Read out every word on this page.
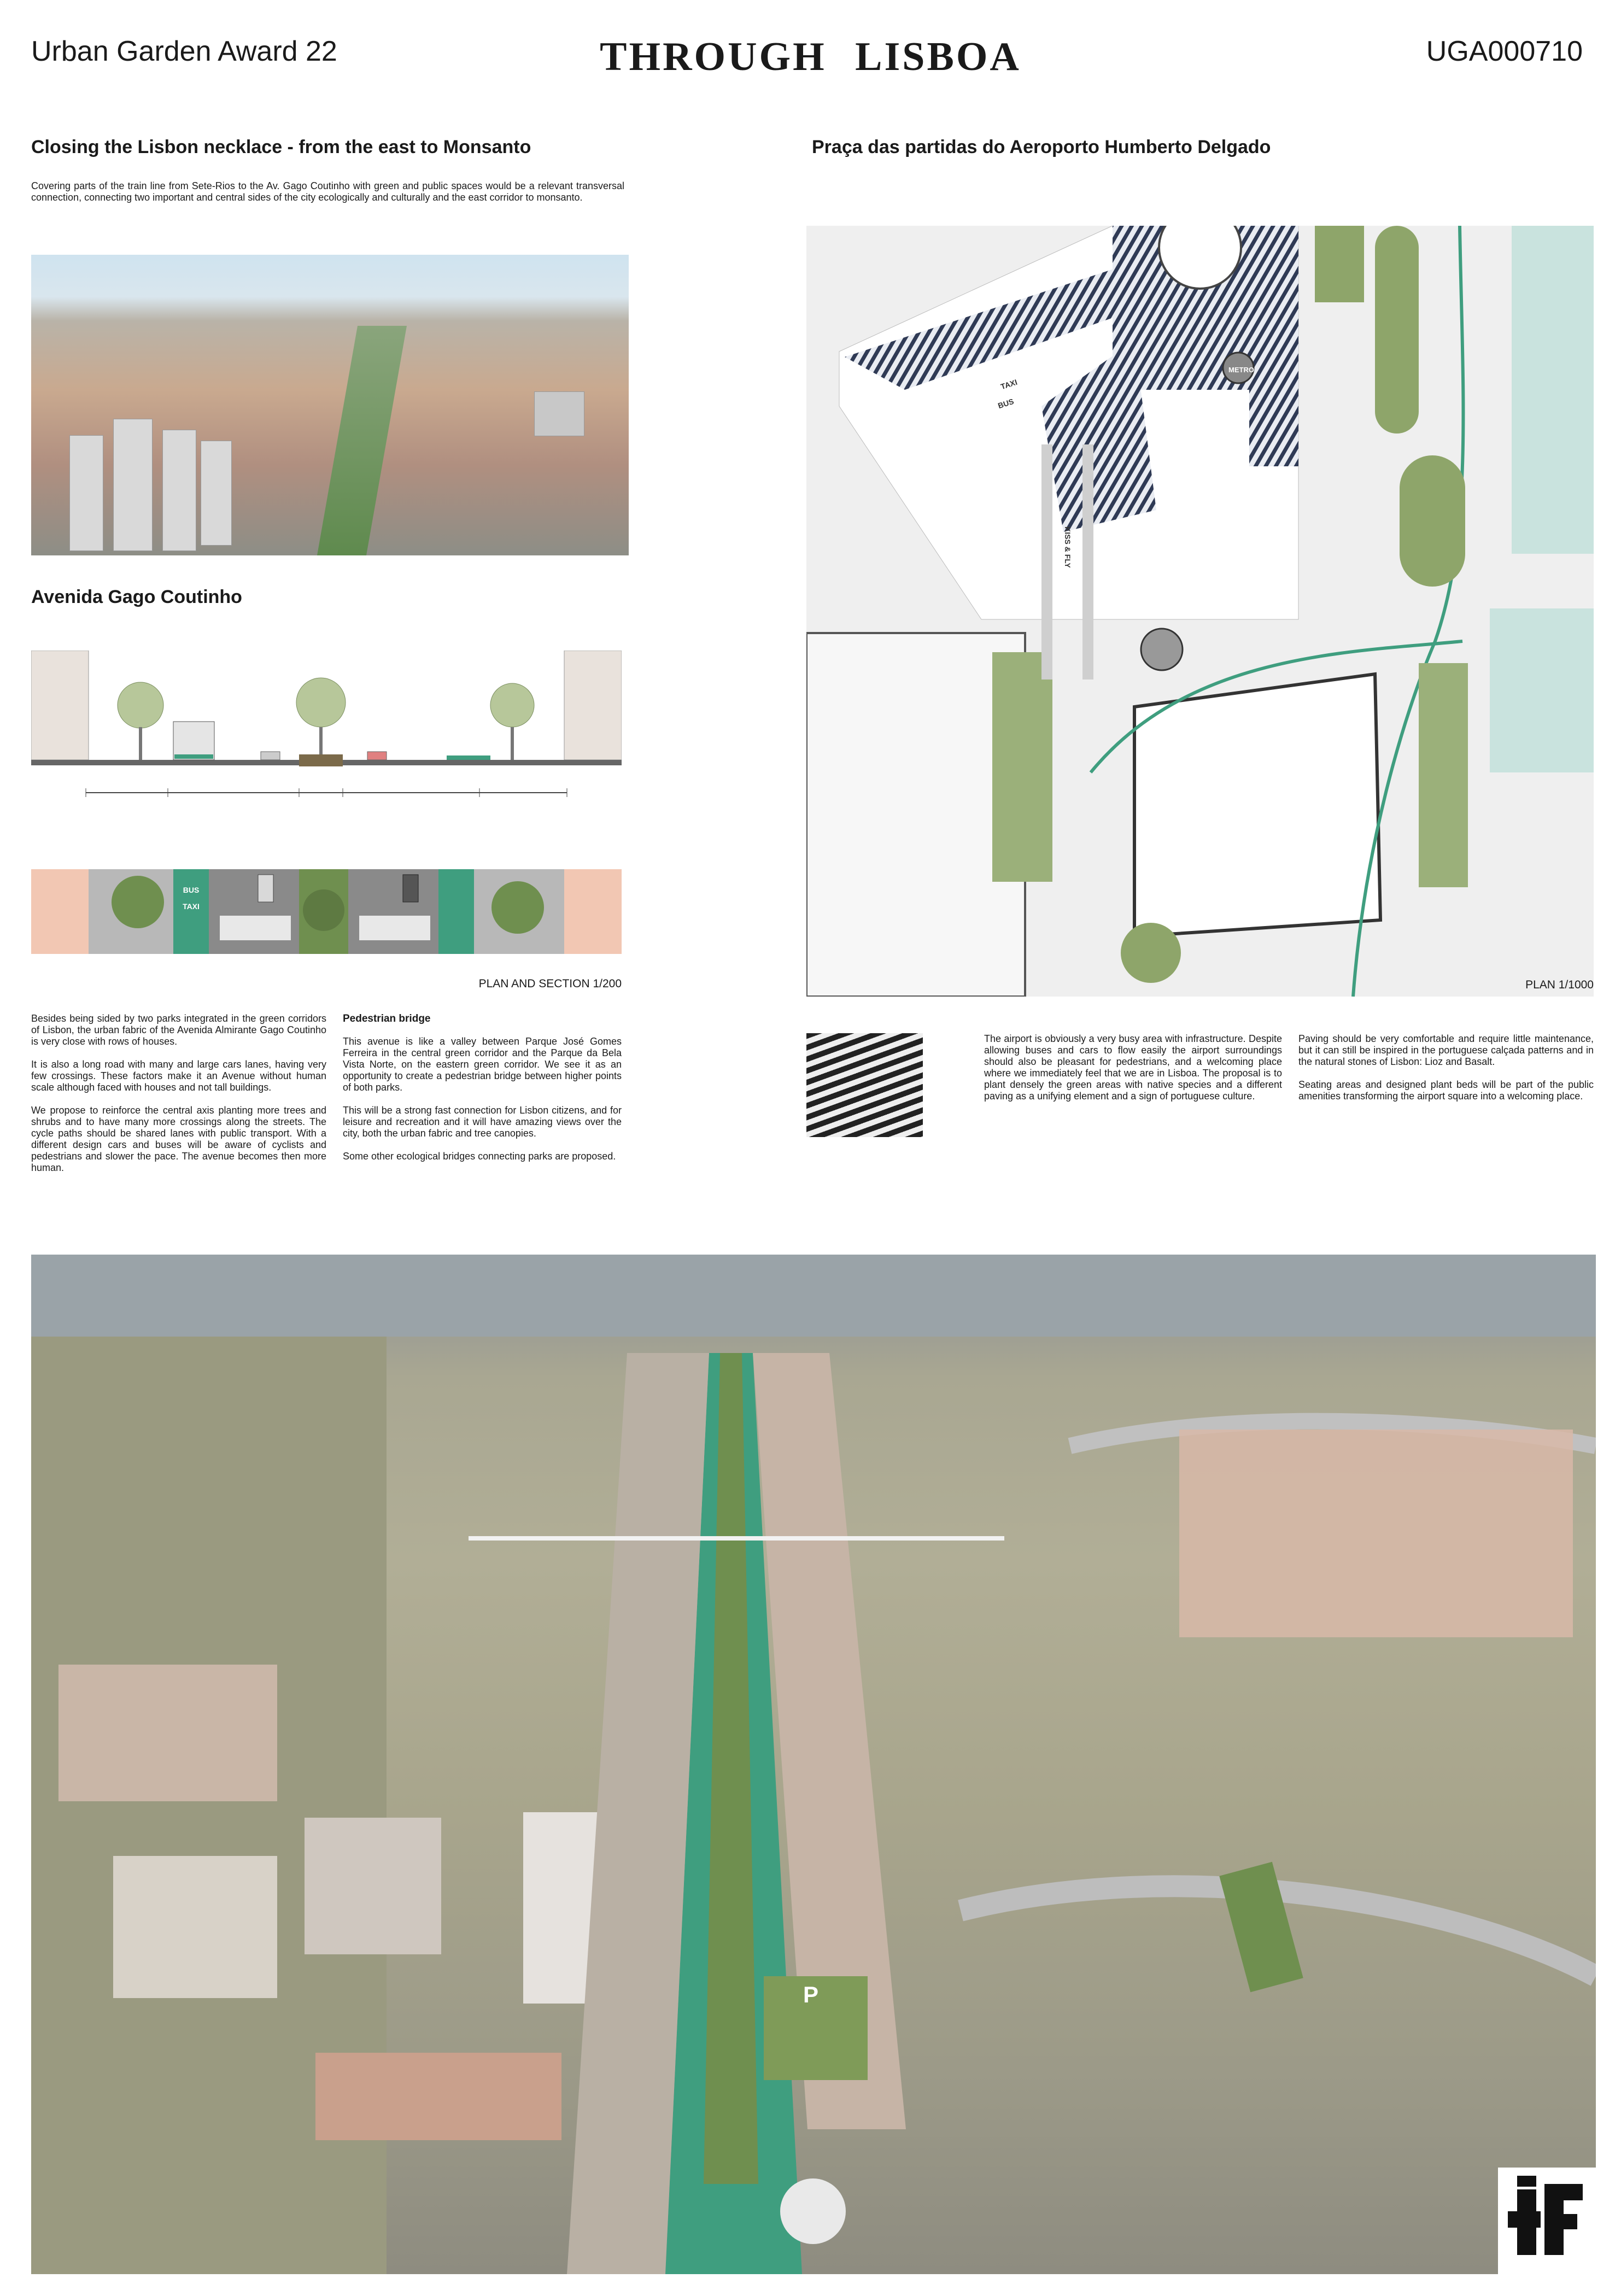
Urban Garden Award 22	THROUGH LISBOA	UGA000710
Closing the Lisbon necklace - from the east to Monsanto
Covering parts of the train line from Sete-Rios to the Av. Gago Coutinho with green and public spaces would be a relevant transversal connection, connecting two important and central sides of the city ecologically and culturally and the east corridor to monsanto.
Avenida Gago Coutinho
BUS
TAXI
PLAN AND SECTION 1/200

Besides being sided by two parks integrated in the green corridors of Lisbon, the urban fabric of the Avenida Almirante Gago Coutinho is very close with rows of houses.

It is also a long road with many and large cars lanes, having very few crossings. These factors make it an Avenue without human scale although faced with houses and not tall buildings.

We propose to reinforce the central axis planting more trees and shrubs and to have many more crossings along the streets. The cycle paths should be shared lanes with public transport. With a different design cars and buses will be aware of cyclists and pedestrians and slower the pace. The avenue becomes then more human.

Pedestrian bridge

This avenue is like a valley between Parque José Gomes Ferreira in the central green corridor and the Parque da Bela Vista Norte, on the eastern green corridor. We see it as an opportunity to create a pedestrian bridge between higher points of both parks.

This will be a strong fast connection for Lisbon citizens, and for leisure and recreation and it will have amazing views over the city, both the urban fabric and tree canopies.

Some other ecological bridges connecting parks are proposed.

Praça das partidas do Aeroporto Humberto Delgado
METRO
TAXI
BUS
KISS & FLY
PLAN 1/1000
The airport is obviously a very busy area with infrastructure. Despite allowing buses and cars to flow easily the airport surroundings should also be pleasant for pedestrians, and a welcoming place where we immediately feel that we are in Lisboa. The proposal is to plant densely the green areas with native species and a different paving as a unifying element and a sign of portuguese culture.

Paving should be very comfortable and require little maintenance, but it can still be inspired in the portuguese calçada patterns and in the natural stones of Lisbon: Lioz and Basalt.

Seating areas and designed plant beds will be part of the public amenities transforming the airport square into a welcoming place.

P
